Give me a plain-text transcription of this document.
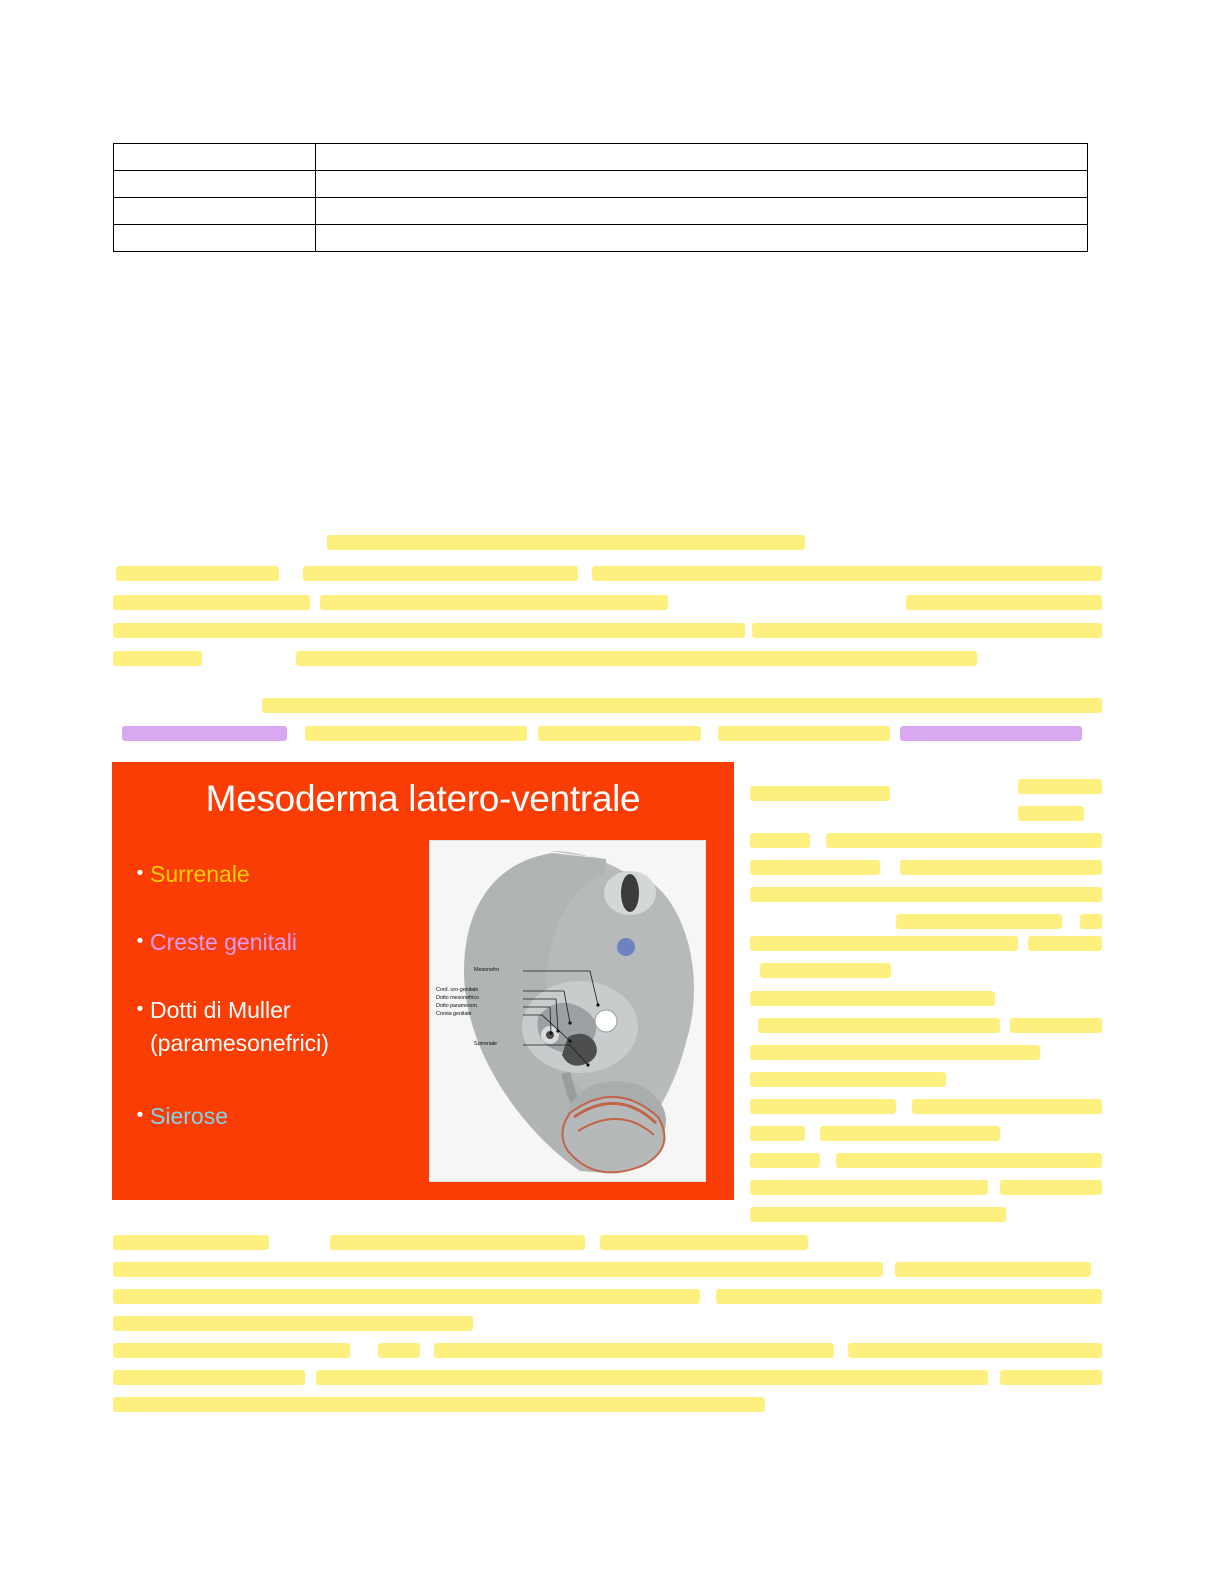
Mesoderma latero-ventrale
• Surrenale
• Creste genitali
• Dotti di Muller
(paramesonefrici)
• Sierose
Mesonefro
Cord. uro-genitale
Dotto mesonefrico
Dotto parameson.
Cresta genitale
Surrenale
